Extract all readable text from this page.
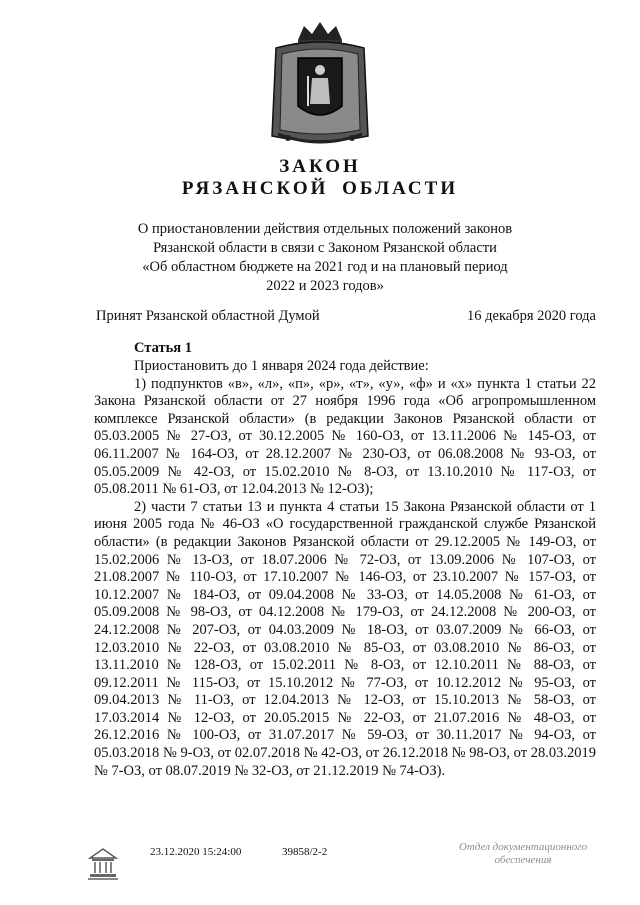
ЗАКОН
РЯЗАНСКОЙ ОБЛАСТИ
О приостановлении действия отдельных положений законов
Рязанской области в связи с Законом Рязанской области
«Об областном бюджете на 2021 год и на плановый период
2022 и 2023 годов»
Принят Рязанской областной Думой	16 декабря 2020 года
Статья 1

Приостановить до 1 января 2024 года действие:

1) подпунктов «в», «л», «п», «р», «т», «у», «ф» и «х» пункта 1 статьи 22 Закона Рязанской области от 27 ноября 1996 года «Об агропромышленном комплексе Рязанской области» (в редакции Законов Рязанской области от 05.03.2005 № 27-ОЗ, от 30.12.2005 № 160-ОЗ, от 13.11.2006 № 145-ОЗ, от 06.11.2007 № 164-ОЗ, от 28.12.2007 № 230-ОЗ, от 06.08.2008 № 93-ОЗ, от 05.05.2009 № 42-ОЗ, от 15.02.2010 № 8-ОЗ, от 13.10.2010 № 117-ОЗ, от 05.08.2011 № 61-ОЗ, от 12.04.2013 № 12-ОЗ);

2) части 7 статьи 13 и пункта 4 статьи 15 Закона Рязанской области от 1 июня 2005 года № 46-ОЗ «О государственной гражданской службе Рязанской области» (в редакции Законов Рязанской области от 29.12.2005 № 149-ОЗ, от 15.02.2006 № 13-ОЗ, от 18.07.2006 № 72-ОЗ, от 13.09.2006 № 107-ОЗ, от 21.08.2007 № 110-ОЗ, от 17.10.2007 № 146-ОЗ, от 23.10.2007 № 157-ОЗ, от 10.12.2007 № 184-ОЗ, от 09.04.2008 № 33-ОЗ, от 14.05.2008 № 61-ОЗ, от 05.09.2008 № 98-ОЗ, от 04.12.2008 № 179-ОЗ, от 24.12.2008 № 200-ОЗ, от 24.12.2008 № 207-ОЗ, от 04.03.2009 № 18-ОЗ, от 03.07.2009 № 66-ОЗ, от 12.03.2010 № 22-ОЗ, от 03.08.2010 № 85-ОЗ, от 03.08.2010 № 86-ОЗ, от 13.11.2010 № 128-ОЗ, от 15.02.2011 № 8-ОЗ, от 12.10.2011 № 88-ОЗ, от 09.12.2011 № 115-ОЗ, от 15.10.2012 № 77-ОЗ, от 10.12.2012 № 95-ОЗ, от 09.04.2013 № 11-ОЗ, от 12.04.2013 № 12-ОЗ, от 15.10.2013 № 58-ОЗ, от 17.03.2014 № 12-ОЗ, от 20.05.2015 № 22-ОЗ, от 21.07.2016 № 48-ОЗ, от 26.12.2016 № 100-ОЗ, от 31.07.2017 № 59-ОЗ, от 30.11.2017 № 94-ОЗ, от 05.03.2018 № 9-ОЗ, от 02.07.2018 № 42-ОЗ, от 26.12.2018 № 98-ОЗ, от 28.03.2019 № 7-ОЗ, от 08.07.2019 № 32-ОЗ, от 21.12.2019 № 74-ОЗ).

23.12.2020 15:24:00	39858/2-2	Отдел документационного
обеспечения
